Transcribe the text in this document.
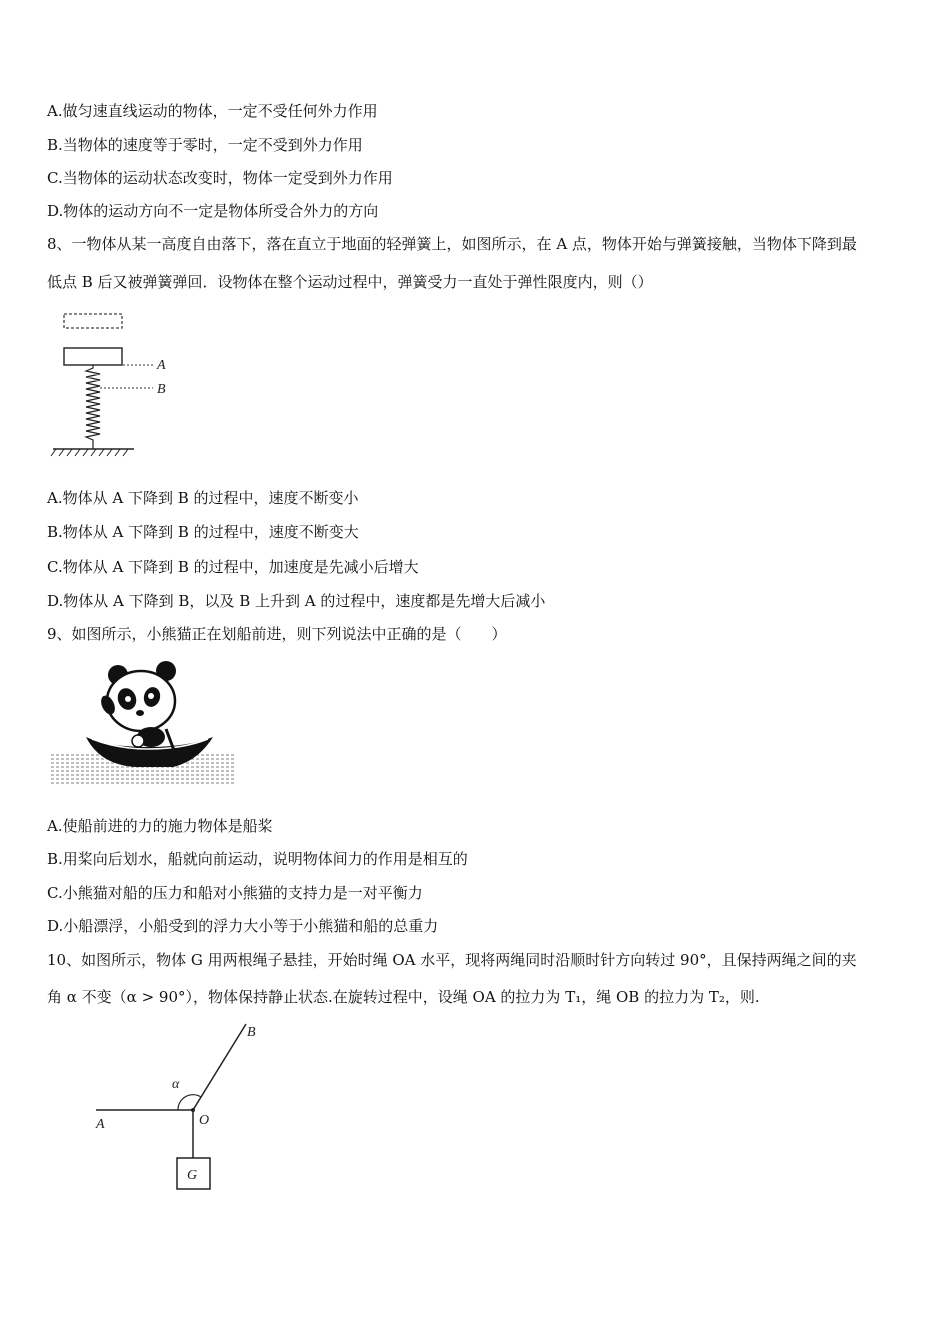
A.做匀速直线运动的物体，一定不受任何外力作用
B.当物体的速度等于零时，一定不受到外力作用
C.当物体的运动状态改变时，物体一定受到外力作用
D.物体的运动方向不一定是物体所受合外力的方向
8、一物体从某一高度自由落下，落在直立于地面的轻弹簧上，如图所示，在 A 点，物体开始与弹簧接触，当物体下降到最
低点 B 后又被弹簧弹回．设物体在整个运动过程中，弹簧受力一直处于弹性限度内，则（）
A
B
A.物体从 A 下降到 B 的过程中，速度不断变小
B.物体从 A 下降到 B 的过程中，速度不断变大
C.物体从 A 下降到 B 的过程中，加速度是先减小后增大
D.物体从 A 下降到 B，以及 B 上升到 A 的过程中，速度都是先增大后减小
9、如图所示，小熊猫正在划船前进，则下列说法中正确的是（　　）
A.使船前进的力的施力物体是船桨
B.用桨向后划水，船就向前运动，说明物体间力的作用是相互的
C.小熊猫对船的压力和船对小熊猫的支持力是一对平衡力
D.小船漂浮，小船受到的浮力大小等于小熊猫和船的总重力
10、如图所示，物体 G 用两根绳子悬挂，开始时绳 OA 水平，现将两绳同时沿顺时针方向转过 90°，且保持两绳之间的夹
角 α 不变（α > 90°），物体保持静止状态.在旋转过程中，设绳 OA 的拉力为 T₁，绳 OB 的拉力为 T₂，则.
A
B
O
G
α
